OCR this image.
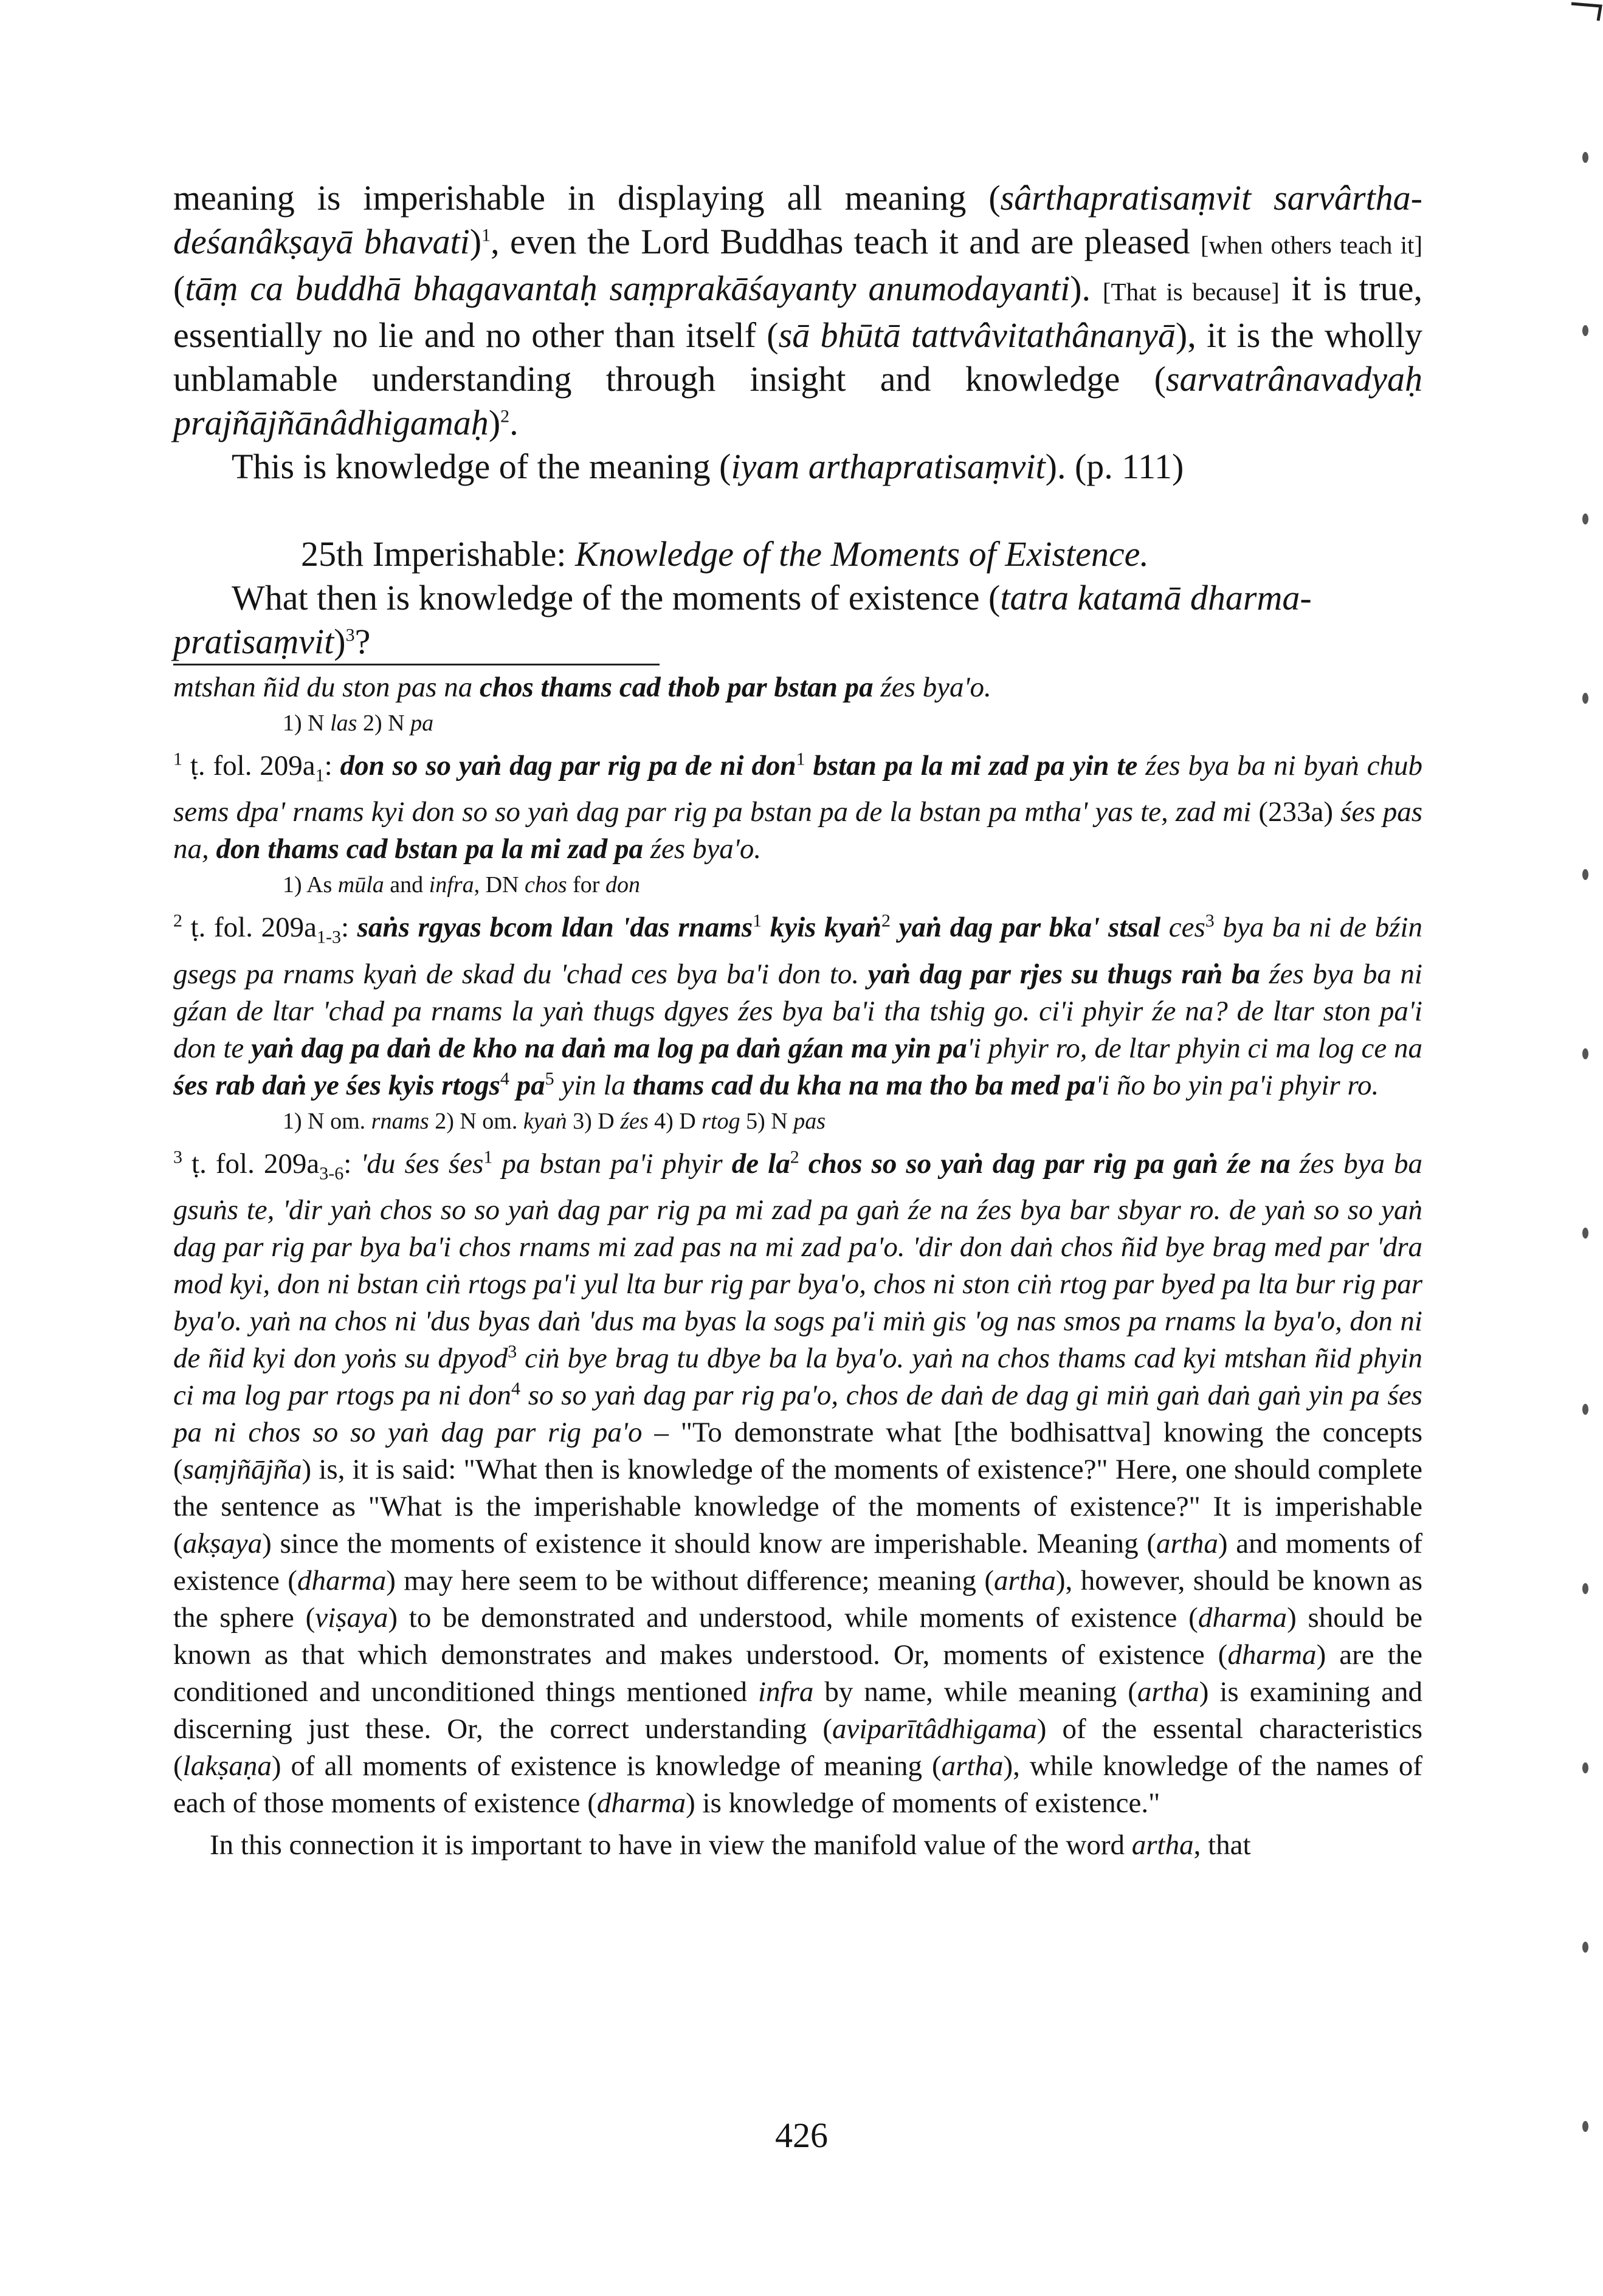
meaning is imperishable in displaying all meaning (sârthapratisaṃvit sarvârtha-deśanâkṣayā bhavati)$^1$, even the Lord Buddhas teach it and are pleased [when others teach it] (tāṃ ca buddhā bhagavantaḥ saṃprakāśayanty anumodayanti). [That is because] it is true, essentially no lie and no other than itself (sā bhūtā tattvâvitathânanyā), it is the wholly unblamable understanding through insight and knowledge (sarvatrânavadyaḥ prajñājñānâdhigamaḥ)$^2$.

This is knowledge of the meaning (iyam arthapratisaṃvit). (p. 111)

25th Imperishable: Knowledge of the Moments of Existence.

What then is knowledge of the moments of existence (tatra katamā dharma-pratisaṃvit)$^3$?

mtshan ñid du ston pas na chos thams cad thob par bstan pa źes bya'o.

1) N las 2) N pa

$^1$ ṭ. fol. $209a_1$: don so so yaṅ dag par rig pa de ni don$^1$ bstan pa la mi zad pa yin te źes bya ba ni byaṅ chub sems dpa' rnams kyi don so so yaṅ dag par rig pa bstan pa de la bstan pa mtha' yas te, zad mi (233a) śes pas na, don thams cad bstan pa la mi zad pa źes bya'o.

1) As mūla and infra, DN chos for don

$^2$ ṭ. fol. $209a_{1-3}$: saṅs rgyas bcom ldan 'das rnams$^1$ kyis kyaṅ$^2$ yaṅ dag par bka' stsal ces$^3$ bya ba ni de bźin gsegs pa rnams kyaṅ de skad du 'chad ces bya ba'i don to. yaṅ dag par rjes su thugs raṅ ba źes bya ba ni gźan de ltar 'chad pa rnams la yaṅ thugs dgyes źes bya ba'i tha tshig go. ci'i phyir źe na? de ltar ston pa'i don te yaṅ dag pa daṅ de kho na daṅ ma log pa daṅ gźan ma yin pa'i phyir ro, de ltar phyin ci ma log ce na śes rab daṅ ye śes kyis rtogs$^4$ $pa^5$ yin la thams cad du kha na ma tho ba med pa'i ño bo yin pa'i phyir ro.

1) N om. rnams 2) N om. kyaṅ 3) D źes 4) D rtog 5) N pas

$^3$ ṭ. fol. $209a_{3-6}$: 'du śes śes$^1$ pa bstan pa'i phyir de $la^2$ chos so so yaṅ dag par rig pa gaṅ źe na źes bya ba gsuṅs te, 'dir yaṅ chos so so yaṅ dag par rig pa mi zad pa gaṅ źe na źes bya bar sbyar ro. de yaṅ so so yaṅ dag par rig par bya ba'i chos rnams mi zad pas na mi zad pa'o. 'dir don daṅ chos ñid bye brag med par 'dra mod kyi, don ni bstan ciṅ rtogs pa'i yul lta bur rig par bya'o, chos ni ston ciṅ rtog par byed pa lta bur rig par bya'o. yaṅ na chos ni 'dus byas daṅ 'dus ma byas la sogs pa'i miṅ gis 'og nas smos pa rnams la bya'o, don ni de ñid kyi don yoṅs su dpyod$^3$ ciṅ bye brag tu dbye ba la bya'o. yaṅ na chos thams cad kyi mtshan ñid phyin ci ma log par rtogs pa ni don$^4$ so so yaṅ dag par rig pa'o, chos de daṅ de dag gi miṅ gaṅ daṅ gaṅ yin pa śes pa ni chos so so yaṅ dag par rig pa'o – "To demonstrate what [the bodhisattva] knowing the concepts (saṃjñājña) is, it is said: "What then is knowledge of the moments of existence?" Here, one should complete the sentence as "What is the imperishable knowledge of the moments of existence?" It is imperishable (akṣaya) since the moments of existence it should know are imperishable. Meaning (artha) and moments of existence (dharma) may here seem to be without difference; meaning (artha), however, should be known as the sphere (viṣaya) to be demonstrated and understood, while moments of existence (dharma) should be known as that which demonstrates and makes understood. Or, moments of existence (dharma) are the conditioned and unconditioned things mentioned infra by name, while meaning (artha) is examining and discerning just these. Or, the correct understanding (aviparītâdhigama) of the essental characteristics (lakṣaṇa) of all moments of existence is knowledge of meaning (artha), while knowledge of the names of each of those moments of existence (dharma) is knowledge of moments of existence."

In this connection it is important to have in view the manifold value of the word artha, that

426
